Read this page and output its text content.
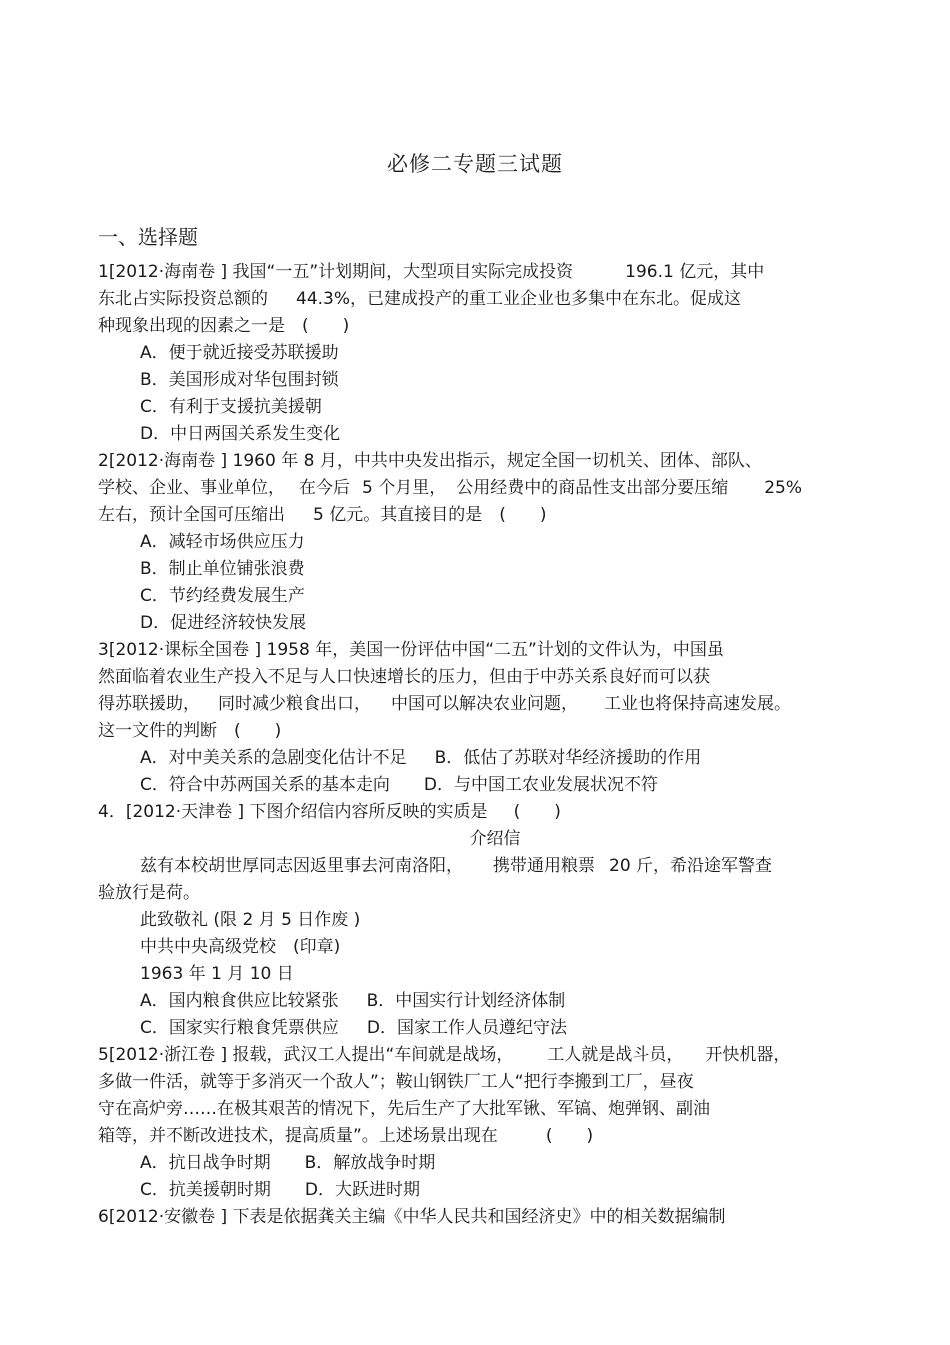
必修二专题三试题
一、选择题
1[2012·海南卷 ] 我国“一五”计划期间，大型项目实际完成投资	196.1 亿元，其中
东北占实际投资总额的 44.3%，已建成投产的重工业企业也多集中在东北。促成这
种现象出现的因素之一是　(　　)
A．便于就近接受苏联援助
B．美国形成对华包围封锁
C．有利于支援抗美援朝
D．中日两国关系发生变化
2[2012·海南卷 ] 1960 年 8 月，中共中央发出指示，规定全国一切机关、团体、部队、
学校、企业、事业单位， 在今后 5 个月里， 公用经费中的商品性支出部分要压缩 25%
左右，预计全国可压缩出 5 亿元。其直接目的是　(　　)
A．减轻市场供应压力
B．制止单位铺张浪费
C．节约经费发展生产
D．促进经济较快发展
3[2012·课标全国卷 ] 1958 年，美国一份评估中国“二五”计划的文件认为，中国虽
然面临着农业生产投入不足与人口快速增长的压力，但由于中苏关系良好而可以获
得苏联援助， 同时减少粮食出口， 中国可以解决农业问题， 工业也将保持高速发展。
这一文件的判断　(　　)
A．对中美关系的急剧变化估计不足 B．低估了苏联对华经济援助的作用
C．符合中苏两国关系的基本走向 D．与中国工农业发展状况不符
4．[2012·天津卷 ] 下图介绍信内容所反映的实质是 (　　)
介绍信
兹有本校胡世厚同志因返里事去河南洛阳， 携带通用粮票 20 斤，希沿途军警查
验放行是荷。
此致敬礼 (限 2 月 5 日作废 )
中共中央高级党校　(印章)
1963 年 1 月 10 日
A．国内粮食供应比较紧张 B．中国实行计划经济体制
C．国家实行粮食凭票供应 D．国家工作人员遵纪守法
5[2012·浙江卷 ] 报载，武汉工人提出“车间就是战场， 工人就是战斗员， 开快机器，
多做一件活，就等于多消灭一个敌人”；鞍山钢铁厂工人“把行李搬到工厂，昼夜
守在高炉旁……在极其艰苦的情况下，先后生产了大批军锹、军镐、炮弹钢、副油
箱等，并不断改进技术，提高质量”。上述场景出现在	(　　)
A．抗日战争时期 B．解放战争时期
C．抗美援朝时期 D．大跃进时期
6[2012·安徽卷 ] 下表是依据龚关主编《中华人民共和国经济史》中的相关数据编制
